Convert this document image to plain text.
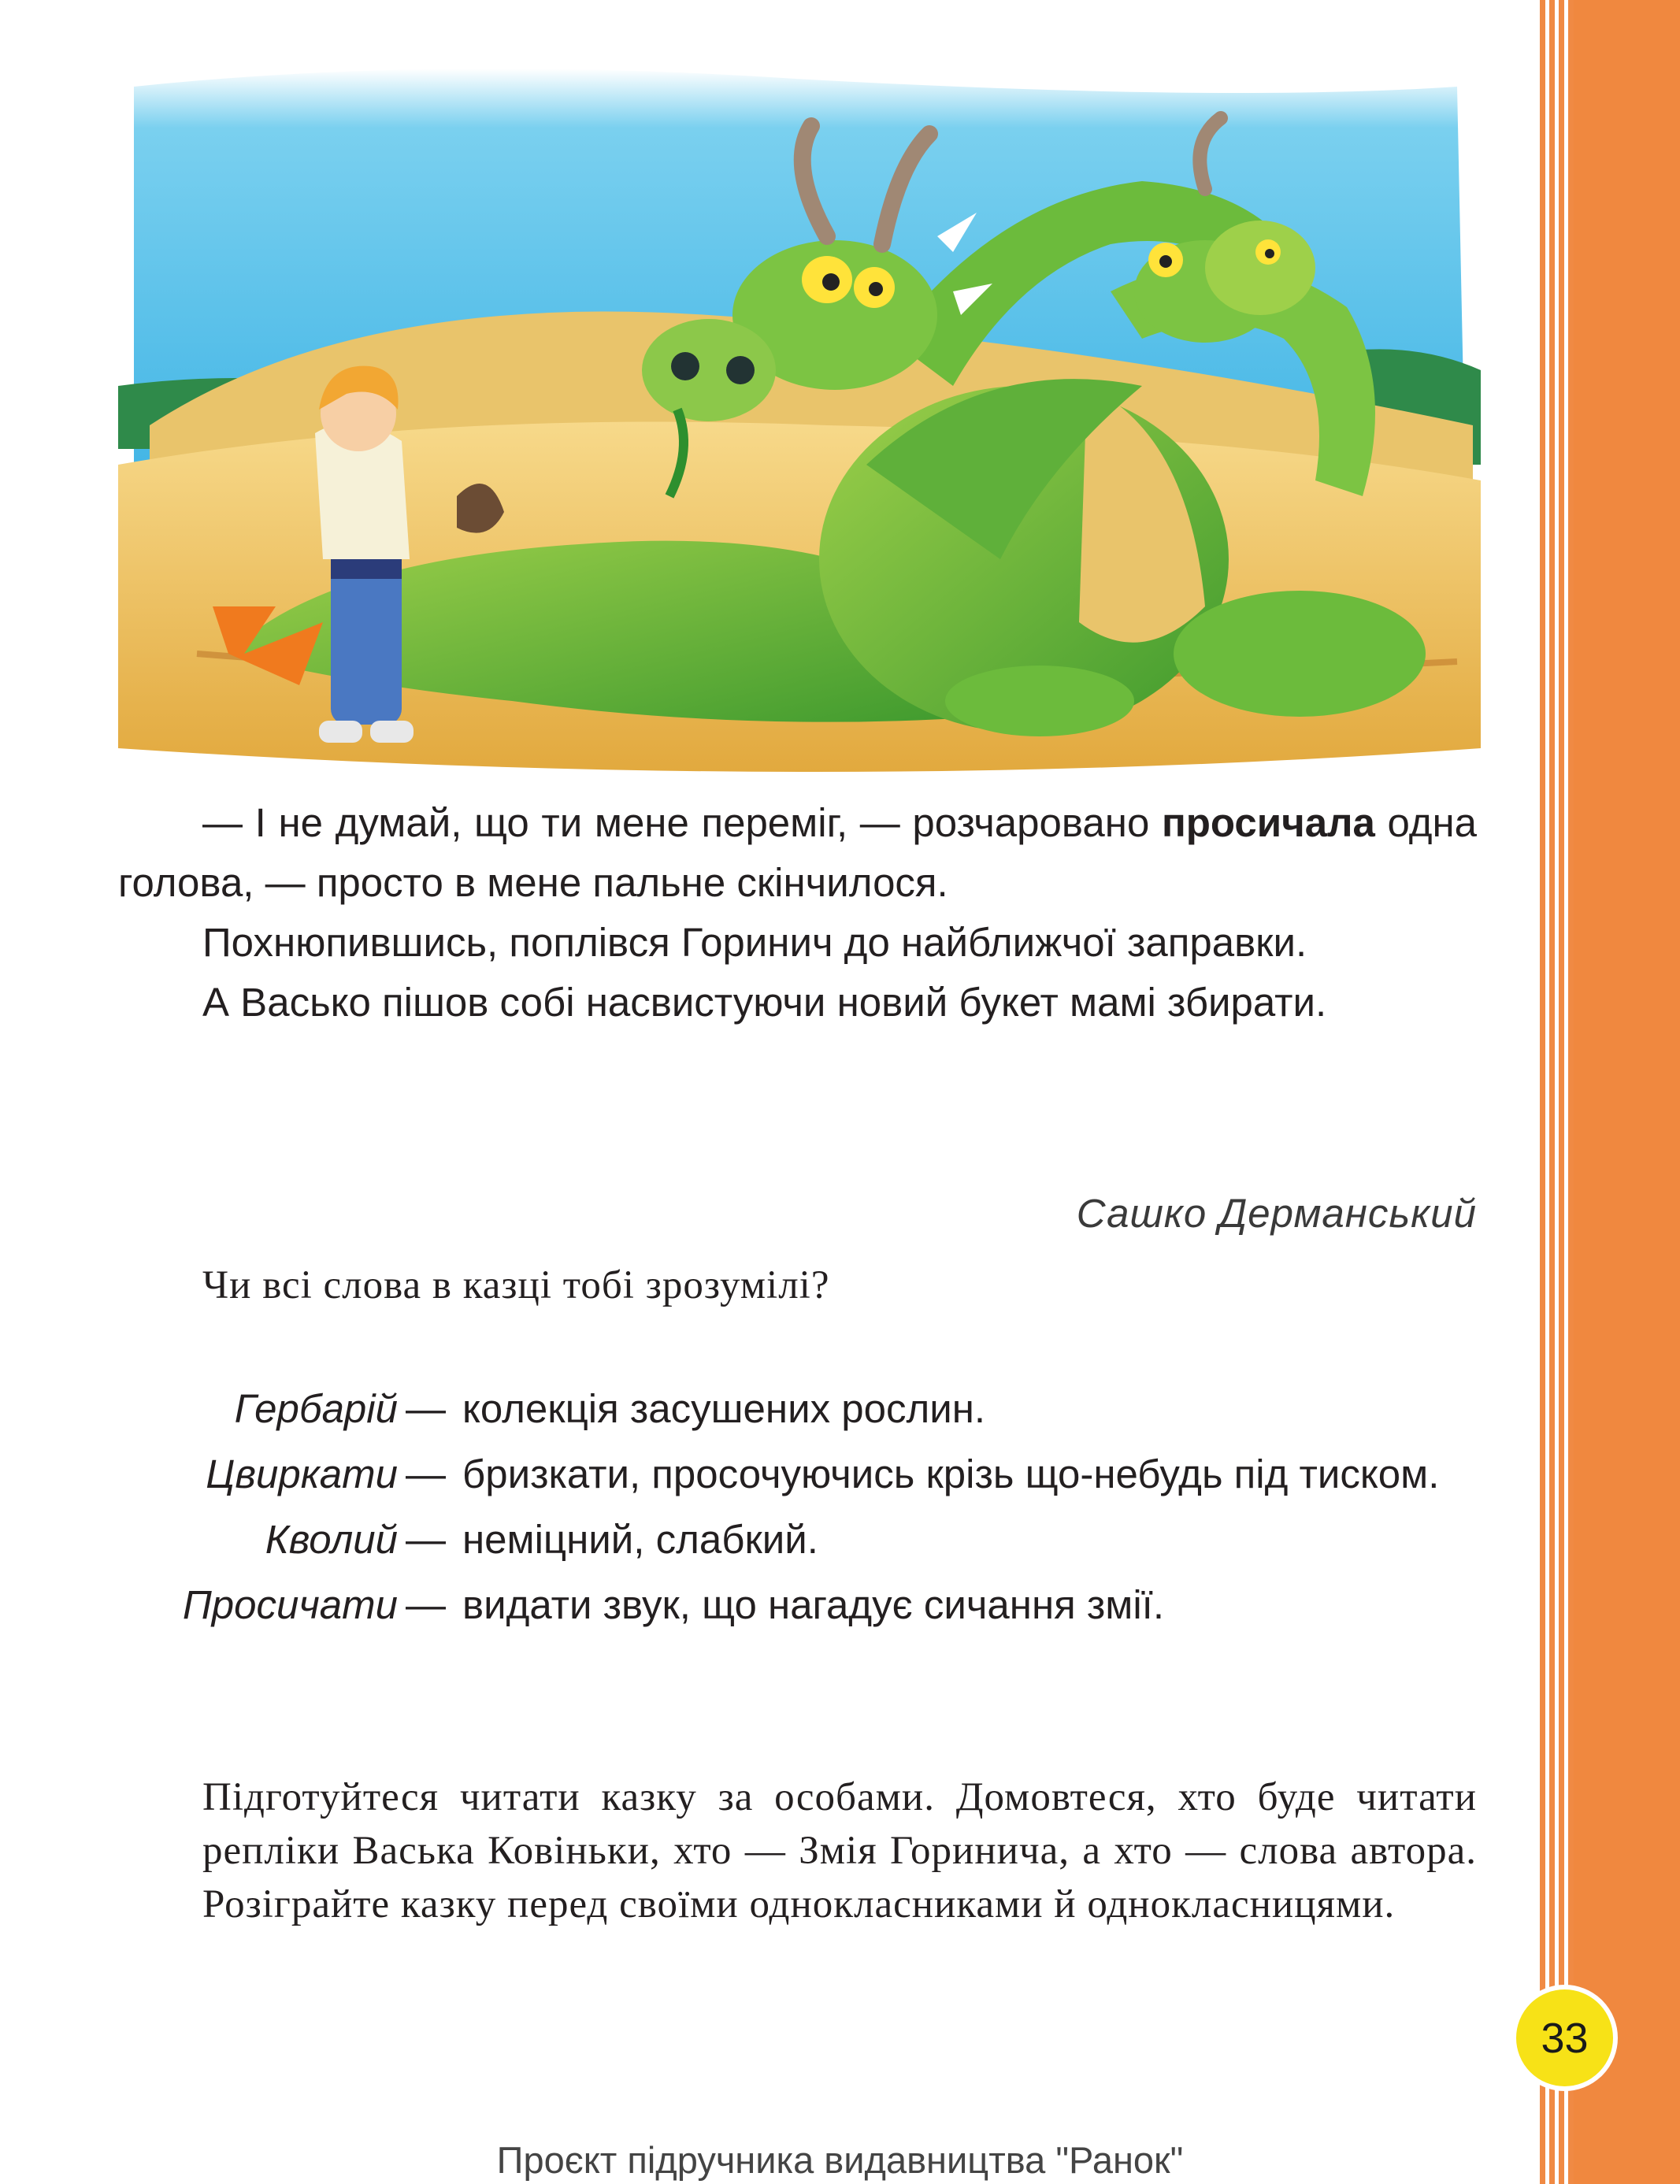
— І не думай, що ти мене переміг, — розчаровано просичала одна голова, — просто в мене пальне скінчилося.

Похнюпившись, поплівся Горинич до найближчої заправки.

А Васько пішов собі насвистуючи новий букет мамі збирати.

Сашко Дерманський
Чи всі слова в казці тобі зрозумілі?
Гербарій — колекція засушених рослин.
Цвиркати — бризкати, просочуючись крізь що-небудь під тиском.
Кволий — неміцний, слабкий.
Просичати — видати звук, що нагадує сичання змії.

Підготуйтеся читати казку за особами. Домовтеся, хто буде читати репліки Васька Ковіньки, хто — Змія Горинича, а хто — слова автора. Розіграйте казку перед своїми однокласниками й однокласницями.

33
Проєкт підручника видавництва "Ранок"
